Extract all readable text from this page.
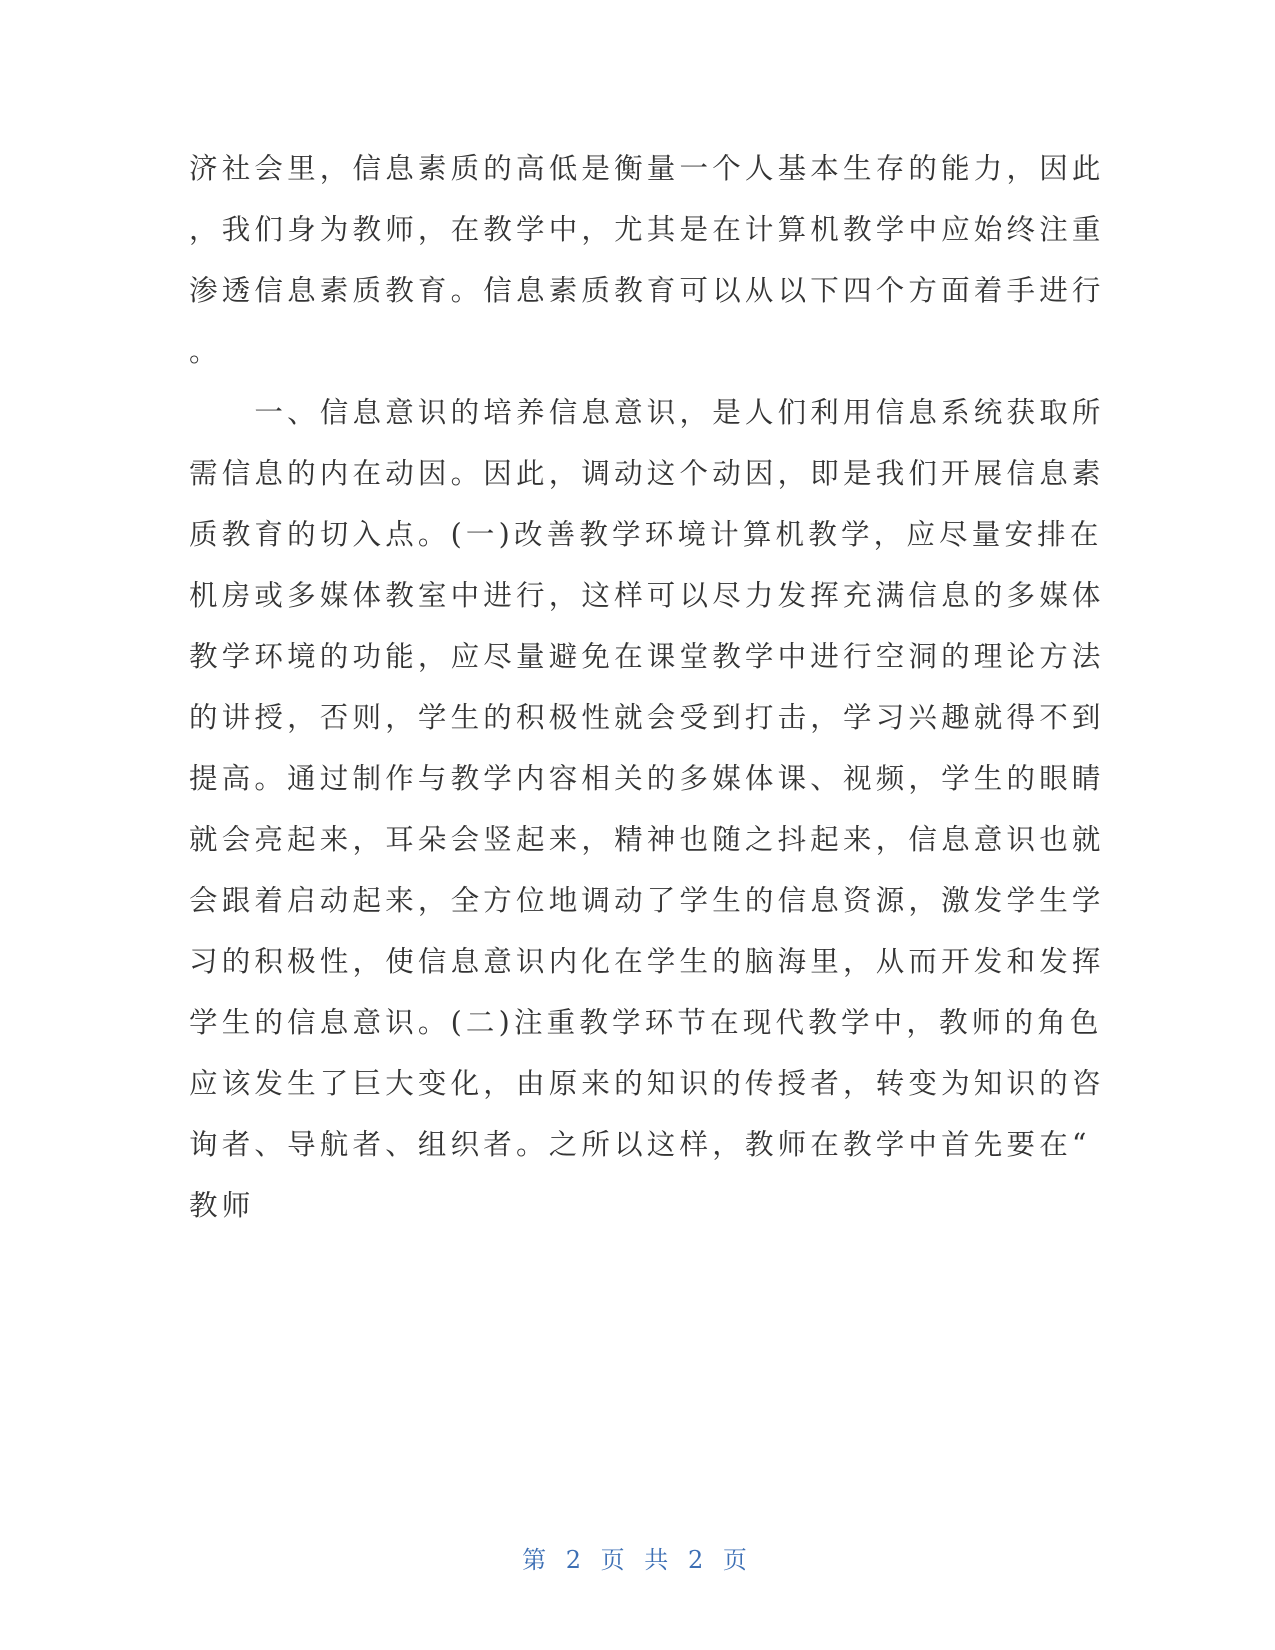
济社会里，信息素质的高低是衡量一个人基本生存的能力，因此
，我们身为教师，在教学中，尤其是在计算机教学中应始终注重
渗透信息素质教育。信息素质教育可以从以下四个方面着手进行
。
　　一、信息意识的培养信息意识，是人们利用信息系统获取所
需信息的内在动因。因此，调动这个动因，即是我们开展信息素
质教育的切入点。(一)改善教学环境计算机教学，应尽量安排在
机房或多媒体教室中进行，这样可以尽力发挥充满信息的多媒体
教学环境的功能，应尽量避免在课堂教学中进行空洞的理论方法
的讲授，否则，学生的积极性就会受到打击，学习兴趣就得不到
提高。通过制作与教学内容相关的多媒体课、视频，学生的眼睛
就会亮起来，耳朵会竖起来，精神也随之抖起来，信息意识也就
会跟着启动起来，全方位地调动了学生的信息资源，激发学生学
习的积极性，使信息意识内化在学生的脑海里，从而开发和发挥
学生的信息意识。(二)注重教学环节在现代教学中，教师的角色
应该发生了巨大变化，由原来的知识的传授者，转变为知识的咨
询者、导航者、组织者。之所以这样，教师在教学中首先要在“
教师
第 2 页 共 2 页
